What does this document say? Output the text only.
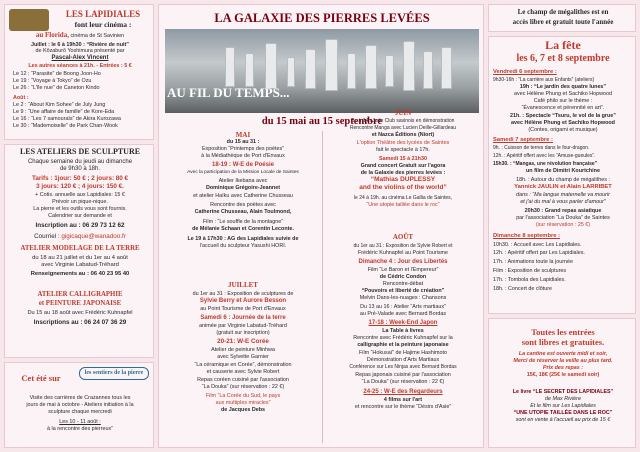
LES LAPIDIALES
font leur cinéma :
au Florida, cinéma de St Savinien
Juillet : le 6 à 19h30 : “Rivière de nuit”
de Kōzaburō Yoshimura présenté par
Pascal-Alex Vincent
Les autres séances à 21h. - Entrées : 5 €
Le 12 : “Parasite” de Boong Joon-Ho
Le 19 : “Voyage à Tokyo” de Ozu
Le 26 : “L'île nue” de Caneton Kindo
Août :
Le 2 : “About Kim Sohee” de July Jung
Le 9 : “Une affaire de famille” de Kore-Eda
Le 16 : “Les 7 samouraïs” de Akira Kurozawa
Le 30 : “Mademoiselle” de Park Chan-Wook
LES ATELIERS DE SCULPTURE
Chaque semaine du jeudi au dimanche
de 9h30 à 18h.
Tarifs : 1jour: 50 € ; 2 jours: 80 €
3 jours: 120 € ; 4 jours: 150 €.
+ Cotis. annuelle aux Lapidiales: 15 €
Prévoir un pique-nique.
La pierre et les outils vous sont fournis.
Calendrier sur demande et
Inscription au : 06 29 73 12 62
Courriel : gigicaque@wanadoo.fr
ATELIER MODELAGE DE LA TERRE
du 18 au 21 juillet et du 1er au 4 août
avec Virginie Labatud-Tréhard
Renseignements au : 06 40 23 95 40
ATELIER CALLIGRAPHIE
et PEINTURE JAPONAISE
Du 15 au 18 août avec Frédéric Kuhnapfel
Inscriptions au : 06 24 07 36 29
Cet été sur	les sentiers de la pierre
Visite des carrières de Crazannes tous les
jours de mai à octobre - Ateliers initiation à la
sculpture chaque mercredi
Les 10 - 11 août :
à la rencontre des pierreux”
LA GALAXIE DES PIERRES LEVÉES
AU FIL DU TEMPS...
du 15 mai au 15 septembre
MAI
du 15 au 31 :
Exposition “Printemps des poètes”
à la Médiathèque de Port d'Envaux
18-19 : W-E de Poésie
Avec la participation de la Mission Locale de Saintes
Atelier Ikebana avec
Dominique Grégoire-Jeannet
et atelier Haïku avec Catherine Chusseau
Rencontre des poètes avec
Catherine Chusseau, Alain Toulmond,
Film : “Le souffle de la montagne”
de Mélanie Schaan et Corentin Leconte.
Le 19 à 17h30 : AG des Lapidiales suivie de
l'accueil du sculpteur Yasushi HORI.
JUILLET
du 1er au 31 : Exposition de sculptures de
Sylvie Berry et Aurore Besson
au Point Tourisme de Port d'Envaux
Samedi 6 : Journée de la terre
animée par Virginie Labatud-Tréhard
(gratuit sur inscription)
20-21: W-E Corée
Atelier de peinture Minhwa
avec Sylvette Garnier
“La céramique en Corée”, démonstration
et causerie avec Sylvie Robert
Repas coréen cuisiné par l'association
“La Douka” (sur réservation : 22 €)
Film “La Corée du Sud, le pays
aux multiples miracles”
de Jacques Debs
JUIN
8 : à 14h Judo Club savinois en démonstration
Rencontre Manga avec Lucien Deille-Gillardeau
et Nazca Éditions (Niort)
L'option Théâtre des lycées de Saintes
fait le spectacle à 17h.
Samedi 15 à 21h30
Grand concert Gratuit sur l'agora
de la Galaxie des pierres levées :
“Mathias DUPLESSY
and the violins of the world”
le 24 à 19h. au cinéma Le Gallia de Saintes,
“Une utopie taillée dans le roc”
AOÛT
du 1er au 31 : Exposition de Sylvie Robert et
Frédéric Kuhnapfel au Point Tourisme
Dimanche 4 : Jour des Libertés
Film “Le Baron et l'Empereur”
de Cédric Condon
Rencontre-débat
“Pouvoirs et liberté de création”
Melvin Dans-les-nuages : Chansons
Du 13 au 16 : Atelier “Arts martiaux”
au Pré-Valade avec Bernard Bordas
17-18 : Week-End Japon
La Table à livres
Rencontre avec Frédéric Kuhnapfel sur la
calligraphie et la peinture japonaise
Film “Hokusaï” de Hajime Hashimoto
Démonstration d'Arts Martiaux
Conférence sur Les Ninjas avec Bernard Bordas
Repas japonais cuisiné par l'association
“La Douka” (sur réservation : 22 €)
24-25 : W-E des Regardeurs
4 films sur l'art
et rencontre sur le thème “Désirs d'Asie”
Le champ de mégalithes est en
accès libre et gratuit toute l'année
La fête
les 6, 7 et 8 septembre
Vendredi 6 septembre :
9h30-16h : “La carrière aux Enfants” (ateliers)
19h : “Le jardin des quatre lunes”
avec Hélène Phung et Sachiko Hopwood
Café philo sur le thème :
“Évanescence et pérennité en art”.
21h. : Spectacle “Tsuru, le vol de la grue”
avec Hélène Phung et Sachiko Hopwood
(Contes, origami et musique)
Samedi 7 septembre :
9h. : Cuisson de terres dans le four-dragon.
12h. : Apéritif offert avec les “Amuse-gueules”.
15h30. : “Mangas, une révolution française”
un film de Dimitri Kourtchine
18h. : Autour du champ de mégalithes :
Yannick JAULIN et Alain LARRIBET
dans : “Ma langue maternelle va mourir
et j'ai du mal à vous parler d'amour”
20h30 : Grand repas asiatique
par l'association “La Douka” de Saintes
(sur réservation : 25 €)
Dimanche 8 septembre :
10h30. : Accueil avec Les Lapidiales.
12h. : Apéritif offert par Les Lapidiales.
17h. : Animations toute la journée
Film : Exposition de sculptures
17h. : Tombola des Lapidiales.
18h. : Concert de clôture
Toutes les entrées
sont libres et gratuites.
La cantine est ouverte midi et soir,
Merci de réserver la veille au plus tard.
Prix des repas :
15€, 18€ (25€ le samedi soir)
Le livre “LE SECRET DES LAPIDIALES”
de Max Rivière
Et le film sur Les Lapidiales
“UNE UTOPIE TAILLÉE DANS LE ROC”
sont en vente à l'accueil au prix de 15 €
